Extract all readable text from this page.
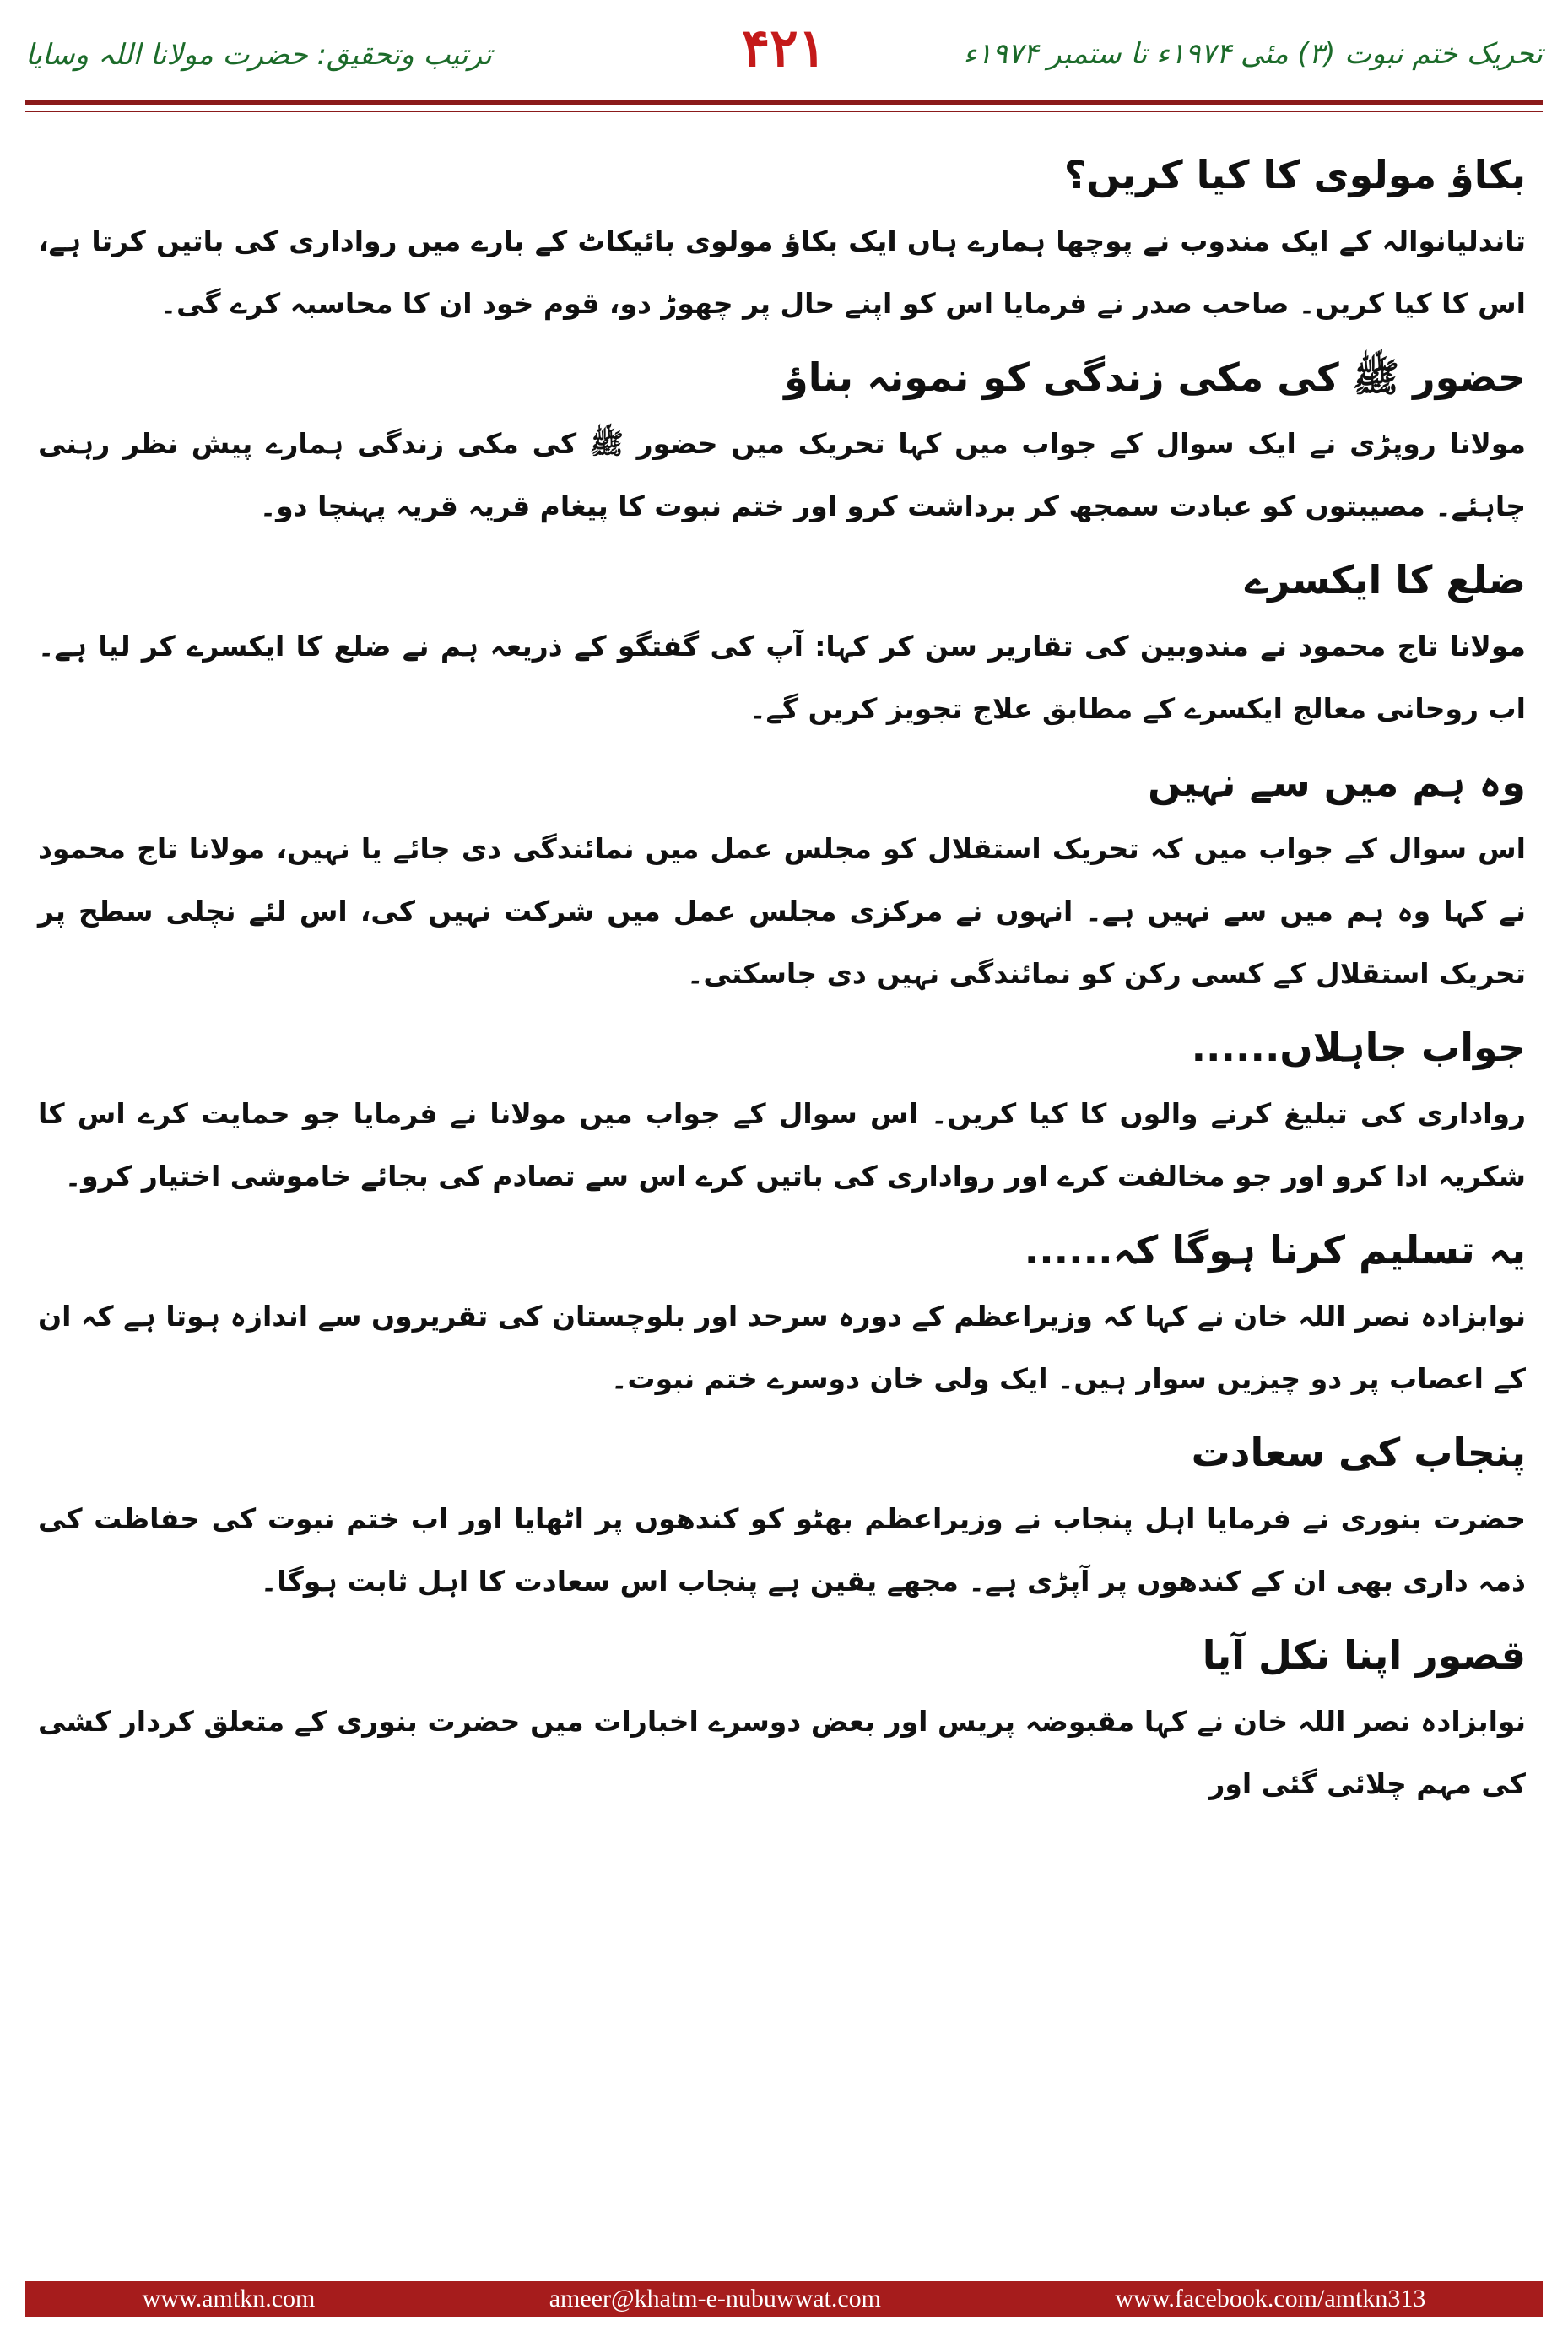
تحریک ختم نبوت (۳) مئی ۱۹۷۴ء تا ستمبر ۱۹۷۴ء
۴۲۱
ترتیب وتحقیق: حضرت مولانا اللہ وسایا
بکاؤ مولوی کا کیا کریں؟

تاندلیانوالہ کے ایک مندوب نے پوچھا ہمارے ہاں ایک بکاؤ مولوی بائیکاٹ کے بارے میں رواداری کی باتیں کرتا ہے، اس کا کیا کریں۔ صاحب صدر نے فرمایا اس کو اپنے حال پر چھوڑ دو، قوم خود ان کا محاسبہ کرے گی۔

حضور ﷺ کی مکی زندگی کو نمونہ بناؤ

مولانا روپڑی نے ایک سوال کے جواب میں کہا تحریک میں حضور ﷺ کی مکی زندگی ہمارے پیش نظر رہنی چاہئے۔ مصیبتوں کو عبادت سمجھ کر برداشت کرو اور ختم نبوت کا پیغام قریہ قریہ پہنچا دو۔

ضلع کا ایکسرے

مولانا تاج محمود نے مندوبین کی تقاریر سن کر کہا: آپ کی گفتگو کے ذریعہ ہم نے ضلع کا ایکسرے کر لیا ہے۔ اب روحانی معالج ایکسرے کے مطابق علاج تجویز کریں گے۔

وہ ہم میں سے نہیں

اس سوال کے جواب میں کہ تحریک استقلال کو مجلس عمل میں نمائندگی دی جائے یا نہیں، مولانا تاج محمود نے کہا وہ ہم میں سے نہیں ہے۔ انہوں نے مرکزی مجلس عمل میں شرکت نہیں کی، اس لئے نچلی سطح پر تحریک استقلال کے کسی رکن کو نمائندگی نہیں دی جاسکتی۔

جواب جاہلاں......

رواداری کی تبلیغ کرنے والوں کا کیا کریں۔ اس سوال کے جواب میں مولانا نے فرمایا جو حمایت کرے اس کا شکریہ ادا کرو اور جو مخالفت کرے اور رواداری کی باتیں کرے اس سے تصادم کی بجائے خاموشی اختیار کرو۔

یہ تسلیم کرنا ہوگا کہ......

نوابزادہ نصر اللہ خان نے کہا کہ وزیراعظم کے دورہ سرحد اور بلوچستان کی تقریروں سے اندازہ ہوتا ہے کہ ان کے اعصاب پر دو چیزیں سوار ہیں۔ ایک ولی خان دوسرے ختم نبوت۔

پنجاب کی سعادت

حضرت بنوری نے فرمایا اہل پنجاب نے وزیراعظم بھٹو کو کندھوں پر اٹھایا اور اب ختم نبوت کی حفاظت کی ذمہ داری بھی ان کے کندھوں پر آپڑی ہے۔ مجھے یقین ہے پنجاب اس سعادت کا اہل ثابت ہوگا۔

قصور اپنا نکل آیا

نوابزادہ نصر اللہ خان نے کہا مقبوضہ پریس اور بعض دوسرے اخبارات میں حضرت بنوری کے متعلق کردار کشی کی مہم چلائی گئی اور

www.amtkn.com	ameer@khatm-e-nubuwwat.com	www.facebook.com/amtkn313
